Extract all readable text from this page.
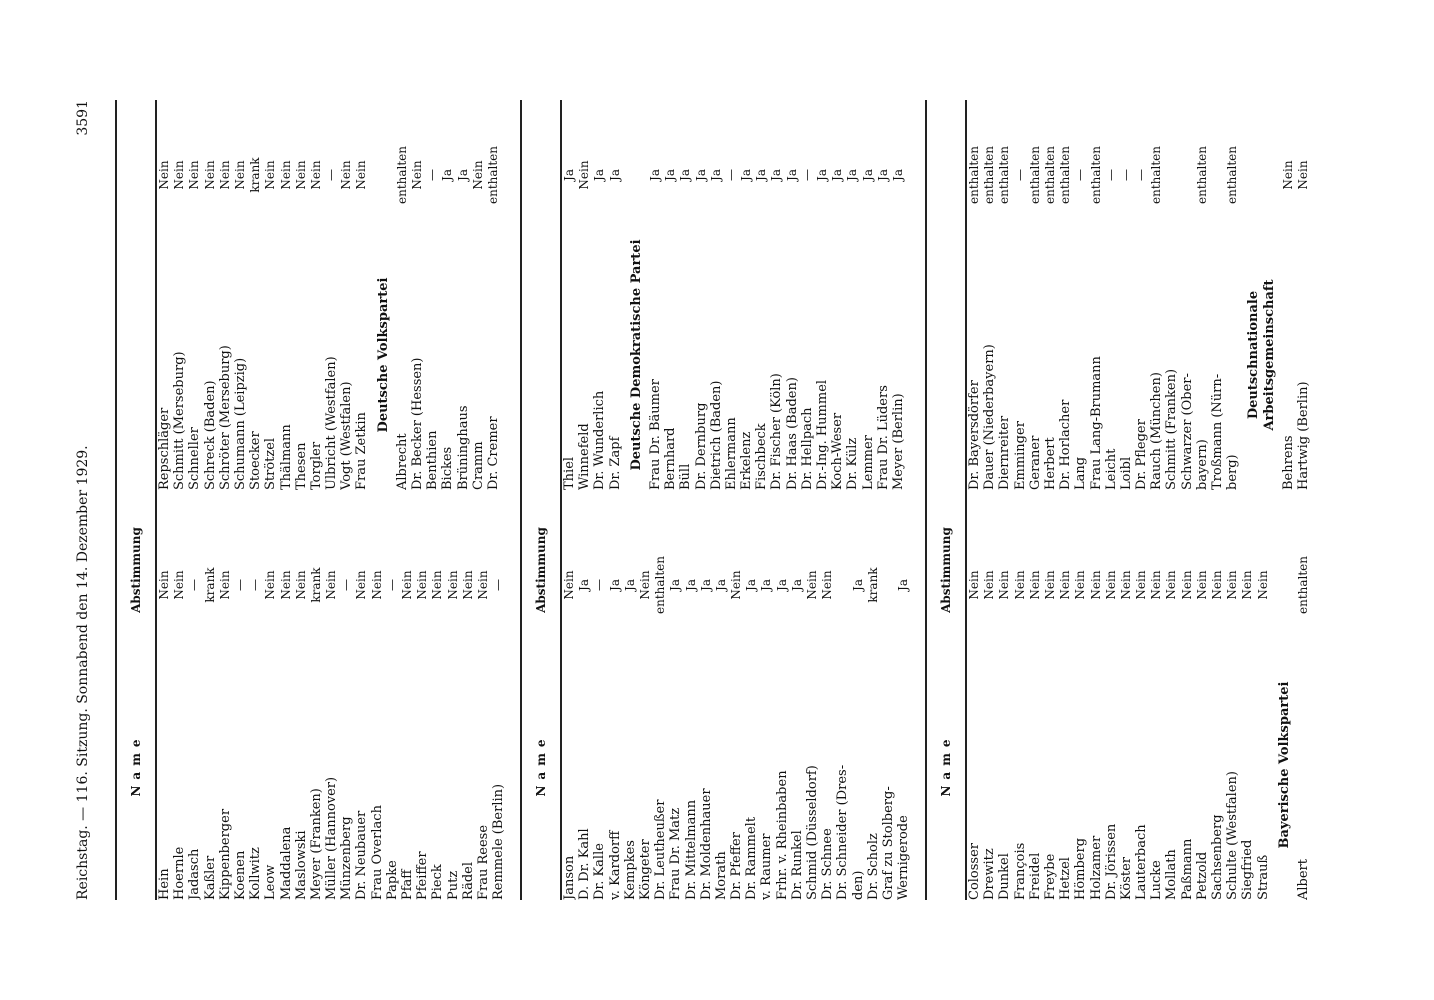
Reichstag. — 116. Sitzung. Sonnabend den 14. Dezember 1929.
3591
Name
Abstimmung
Hein
Nein
Hoernle
Nein
Jadasch
—
Kaßler
krank
Kippenberger
Nein
Koenen
—
Kollwitz
—
Leow
Nein
Maddalena
Nein
Maslowski
Nein
Meyer (Franken)
krank
Müller (Hannover)
Nein
Münzenberg
—
Dr. Neubauer
Nein
Frau Overlach
Nein
Papke
—
Pfaff
Nein
Pfeiffer
Nein
Pieck
Nein
Putz
Nein
Rädel
Nein
Frau Reese
Nein
Remmele (Berlin)
—
Repschläger
Nein
Schmitt (Merseburg)
Nein
Schneller
Nein
Schreck (Baden)
Nein
Schröter (Merseburg)
Nein
Schumann (Leipzig)
Nein
Stoecker
krank
Strötzel
Nein
Thälmann
Nein
Thesen
Nein
Torgler
Nein
Ulbricht (Westfalen)
—
Vogt (Westfalen)
Nein
Frau Zetkin
Nein
Deutsche Volkspartei
Albrecht
enthalten
Dr. Becker (Hessen)
Nein
Benthien
—
Bickes
Ja
Brüninghaus
Ja
Cramm
Nein
Dr. Cremer
enthalten
Name
Abstimmung
Janson
Nein
D. Dr. Kahl
Ja
Dr. Kalle
—
v. Kardorff
Ja
Kempkes
Ja
Köngeter
Nein
Dr. Leutheußer
enthalten
Frau Dr. Matz
Ja
Dr. Mittelmann
Ja
Dr. Moldenhauer
Ja
Morath
Ja
Dr. Pfeffer
Nein
Dr. Rammelt
Ja
v. Raumer
Ja
Frhr. v. Rheinbaben
Ja
Dr. Runkel
Ja
Schmid (Düsseldorf)
Nein
Dr. Schnee
Nein
Dr. Schneider (Dres- den)
Ja
Dr. Scholz
krank
Graf zu Stolberg- Wernigerode
Ja
Thiel
Ja
Winnefeld
Nein
Dr. Wunderlich
Ja
Dr. Zapf
Ja
Deutsche Demokratische Partei Frau Dr. Bäumer
Ja
Bernhard
Ja
Büll
Ja
Dr. Dernburg
Ja
Dietrich (Baden)
Ja
Ehlermann
—
Erkelenz
Ja
Fischbeck
Ja
Dr. Fischer (Köln)
Ja
Dr. Haas (Baden)
Ja
Dr. Hellpach
—
Dr.-Ing. Hummel
Ja
Koch-Weser
Ja
Dr. Külz
Ja
Lemmer
Ja
Frau Dr. Lüders
Ja
Meyer (Berlin)
Ja
Name
Abstimmung
Colosser
Nein
Drewitz
Nein
Dunkel
Nein
François
Nein
Freidel
Nein
Freybe
Nein
Hetzel
Nein
Hömberg
Nein
Holzamer
Nein
Dr. Jörissen
Nein
Köster
Nein
Lauterbach
Nein
Lucke
Nein
Mollath
Nein
Paßmann
Nein
Petzold
Nein
Sachsenberg
Nein
Schulte (Westfalen)
Nein
Siegfried
Nein
Strauß
Nein
Bayerische Volkspartei
Albert
enthalten
Dr. Bayersdörfer
enthalten
Dauer (Niederbayern)
enthalten
Diernreiter
enthalten
Emminger
—
Geraner
enthalten
Herbert
enthalten
Dr. Horlacher
enthalten
Lang
—
Frau Lang-Brumann
enthalten
Leicht
—
Loibl
—
Dr. Pfleger
—
Rauch (München)
enthalten
Schmitt (Franken) Schwarzer (Ober- bayern)
enthalten
Troßmann (Nürn- berg)
enthalten
Deutschnationale Arbeitsgemeinschaft
Behrens
Nein
Hartwig (Berlin)
Nein
